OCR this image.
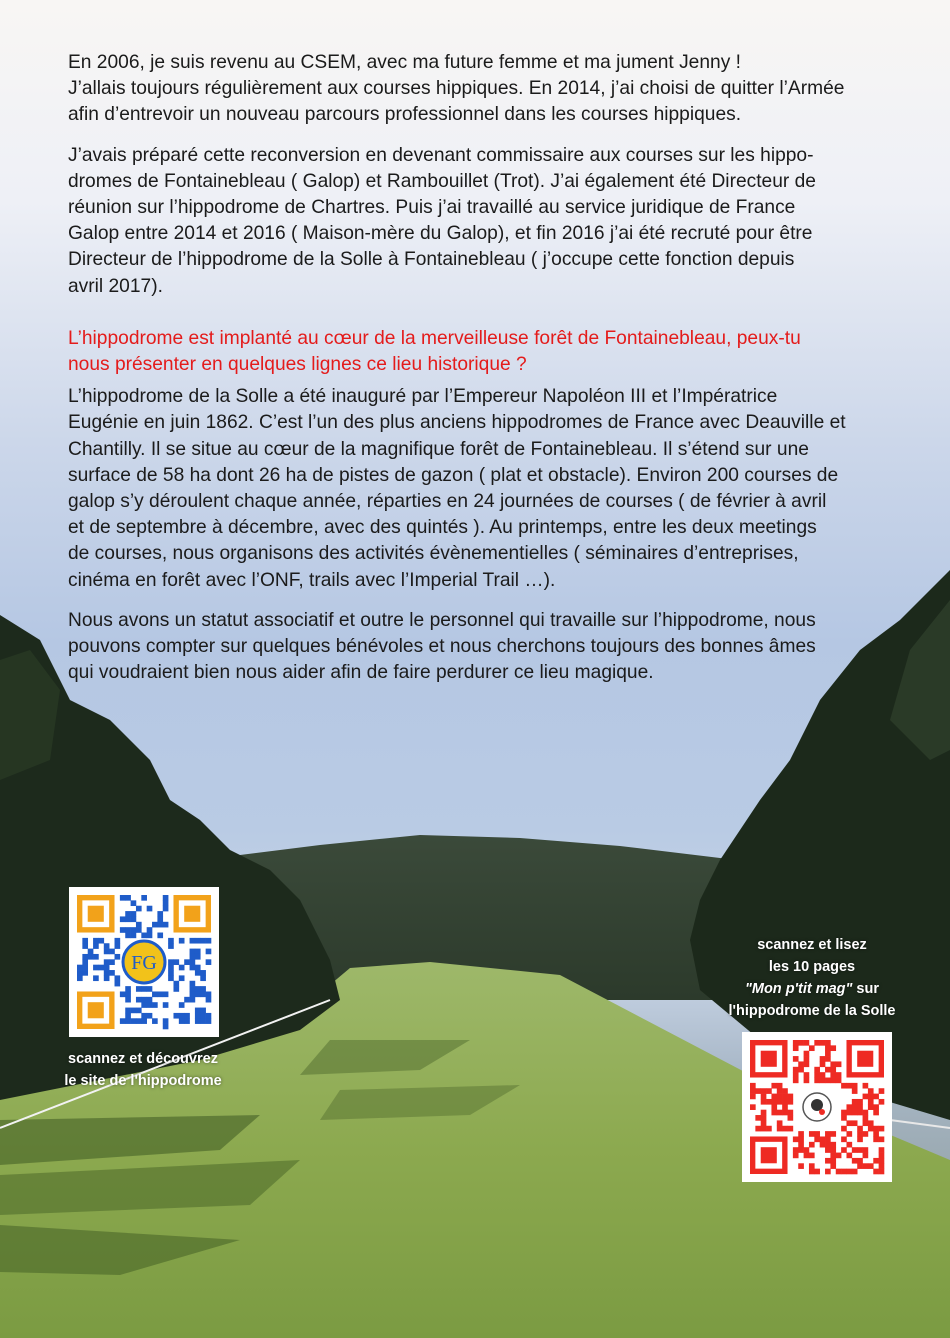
En 2006, je suis revenu au CSEM, avec ma future femme et ma jument Jenny !
J’allais toujours régulièrement aux courses hippiques. En 2014, j’ai choisi de quitter l’Armée
afin d’entrevoir un nouveau parcours professionnel dans les courses hippiques.

J’avais préparé cette reconversion en devenant commissaire aux courses sur les hippo-
dromes de Fontainebleau ( Galop) et Rambouillet (Trot). J’ai également été Directeur de
réunion sur l’hippodrome de Chartres. Puis j’ai travaillé au service juridique de France
Galop entre 2014 et 2016 ( Maison-mère du Galop), et fin 2016 j’ai été recruté pour être
Directeur de l’hippodrome de la Solle à Fontainebleau ( j’occupe cette fonction depuis
avril 2017).

L’hippodrome est implanté au cœur de la merveilleuse forêt de Fontainebleau, peux-tu
nous présenter en quelques lignes ce lieu historique ?

L’hippodrome de la Solle a été inauguré par l’Empereur Napoléon III et l’Impératrice
Eugénie en juin 1862. C’est l’un des plus anciens hippodromes de France avec Deauville et
Chantilly. Il se situe au cœur de la magnifique forêt de Fontainebleau. Il s’étend sur une
surface de 58 ha dont 26 ha de pistes de gazon ( plat et obstacle). Environ 200 courses de
galop s’y déroulent chaque année, réparties en 24 journées de courses ( de février à avril
et de septembre à décembre, avec des quintés ). Au printemps, entre les deux meetings
de courses, nous organisons des activités évènementielles ( séminaires d’entreprises,
cinéma en forêt avec l’ONF, trails avec l’Imperial Trail …).

Nous avons un statut associatif et outre le personnel qui travaille sur l’hippodrome, nous
pouvons compter sur quelques bénévoles et nous cherchons toujours des bonnes âmes
qui voudraient bien nous aider afin de faire perdurer ce lieu magique.

FG
scannez et découvrez
le site de l'hippodrome
scannez et lisez
les 10 pages
"Mon p'tit mag" sur
l'hippodrome de la Solle
